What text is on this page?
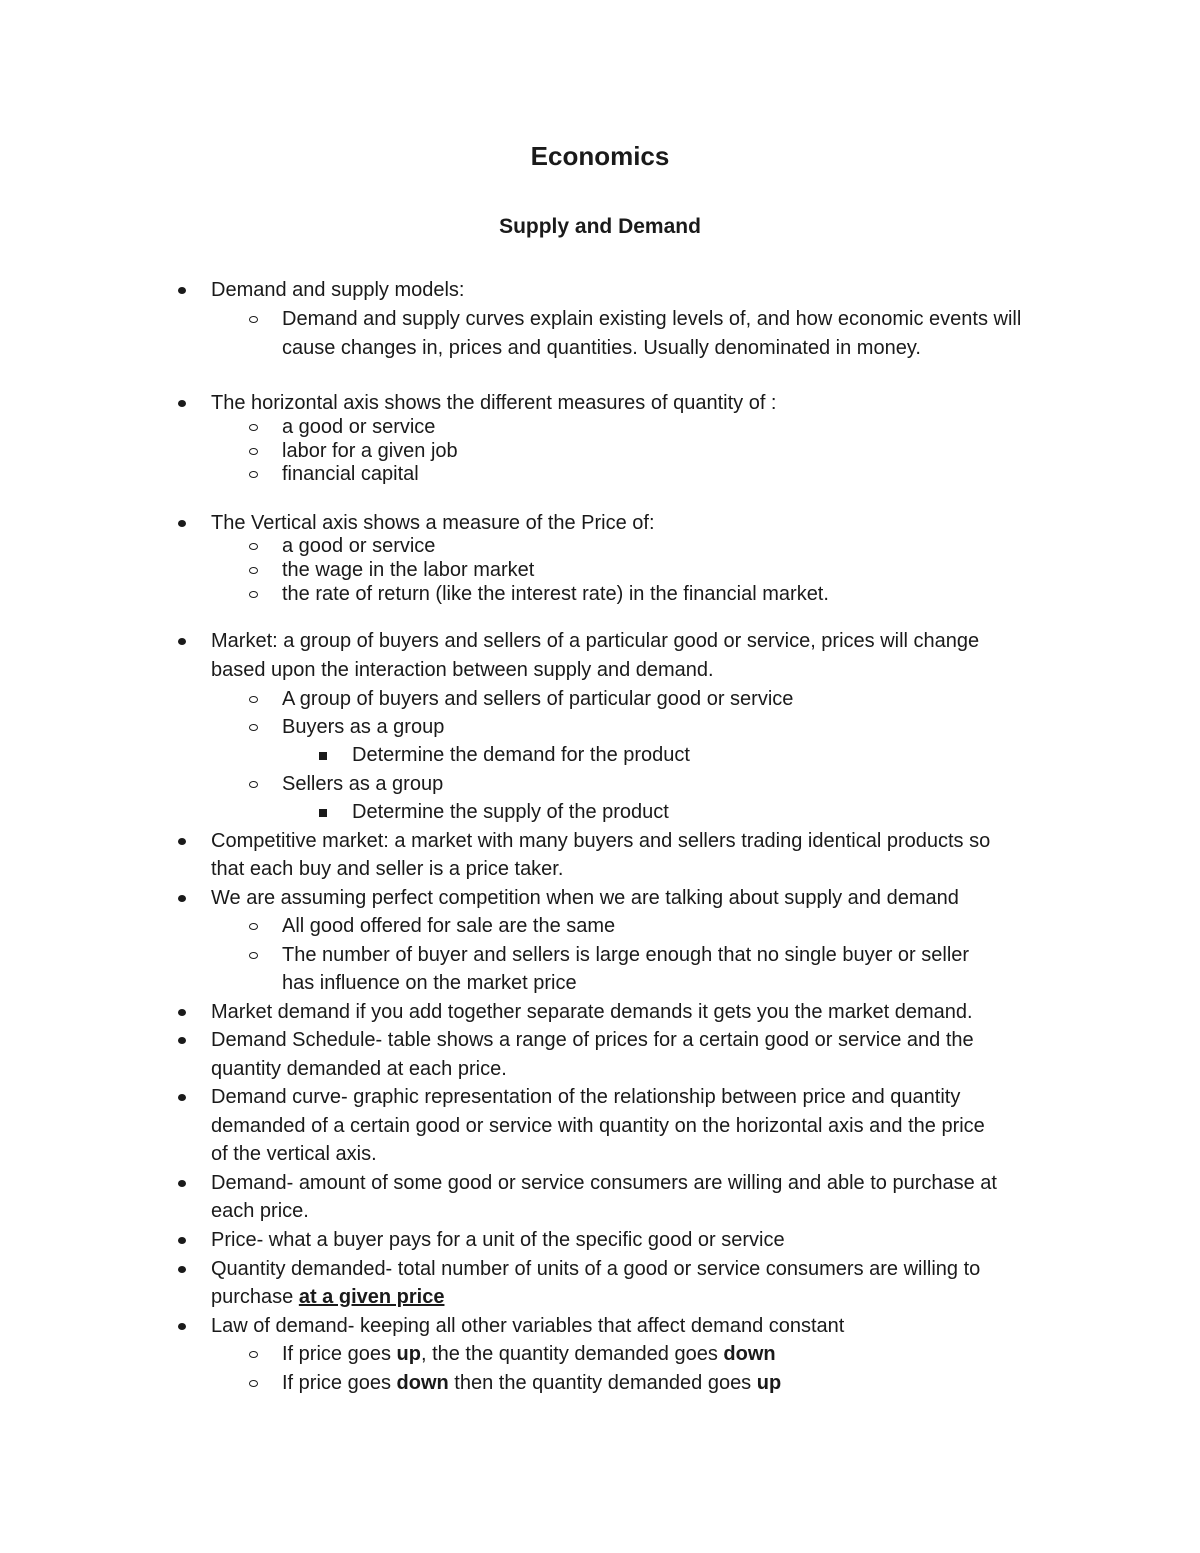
Economics
Supply and Demand
Demand and supply models:
Demand and supply curves explain existing levels of, and how economic events will
cause changes in, prices and quantities. Usually denominated in money.
The horizontal axis shows the different measures of quantity of :
a good or service
labor for a given job
financial capital
The Vertical axis shows a measure of the Price of:
a good or service
the wage in the labor market
the rate of return (like the interest rate) in the financial market.
Market: a group of buyers and sellers of a particular good or service, prices will change
based upon the interaction between supply and demand.
A group of buyers and sellers of particular good or service
Buyers as a group
Determine the demand for the product
Sellers as a group
Determine the supply of the product
Competitive market: a market with many buyers and sellers trading identical products so
that each buy and seller is a price taker.
We are assuming perfect competition when we are talking about supply and demand
All good offered for sale are the same
The number of buyer and sellers is large enough that no single buyer or seller
has influence on the market price
Market demand if you add together separate demands it gets you the market demand.
Demand Schedule- table shows a range of prices for a certain good or service and the
quantity demanded at each price.
Demand curve- graphic representation of the relationship between price and quantity
demanded of a certain good or service with quantity on the horizontal axis and the price
of the vertical axis.
Demand- amount of some good or service consumers are willing and able to purchase at
each price.
Price- what a buyer pays for a unit of the specific good or service
Quantity demanded- total number of units of a good or service consumers are willing to
purchase at a given price
Law of demand- keeping all other variables that affect demand constant
If price goes up, the the quantity demanded goes down
If price goes down then the quantity demanded goes up
